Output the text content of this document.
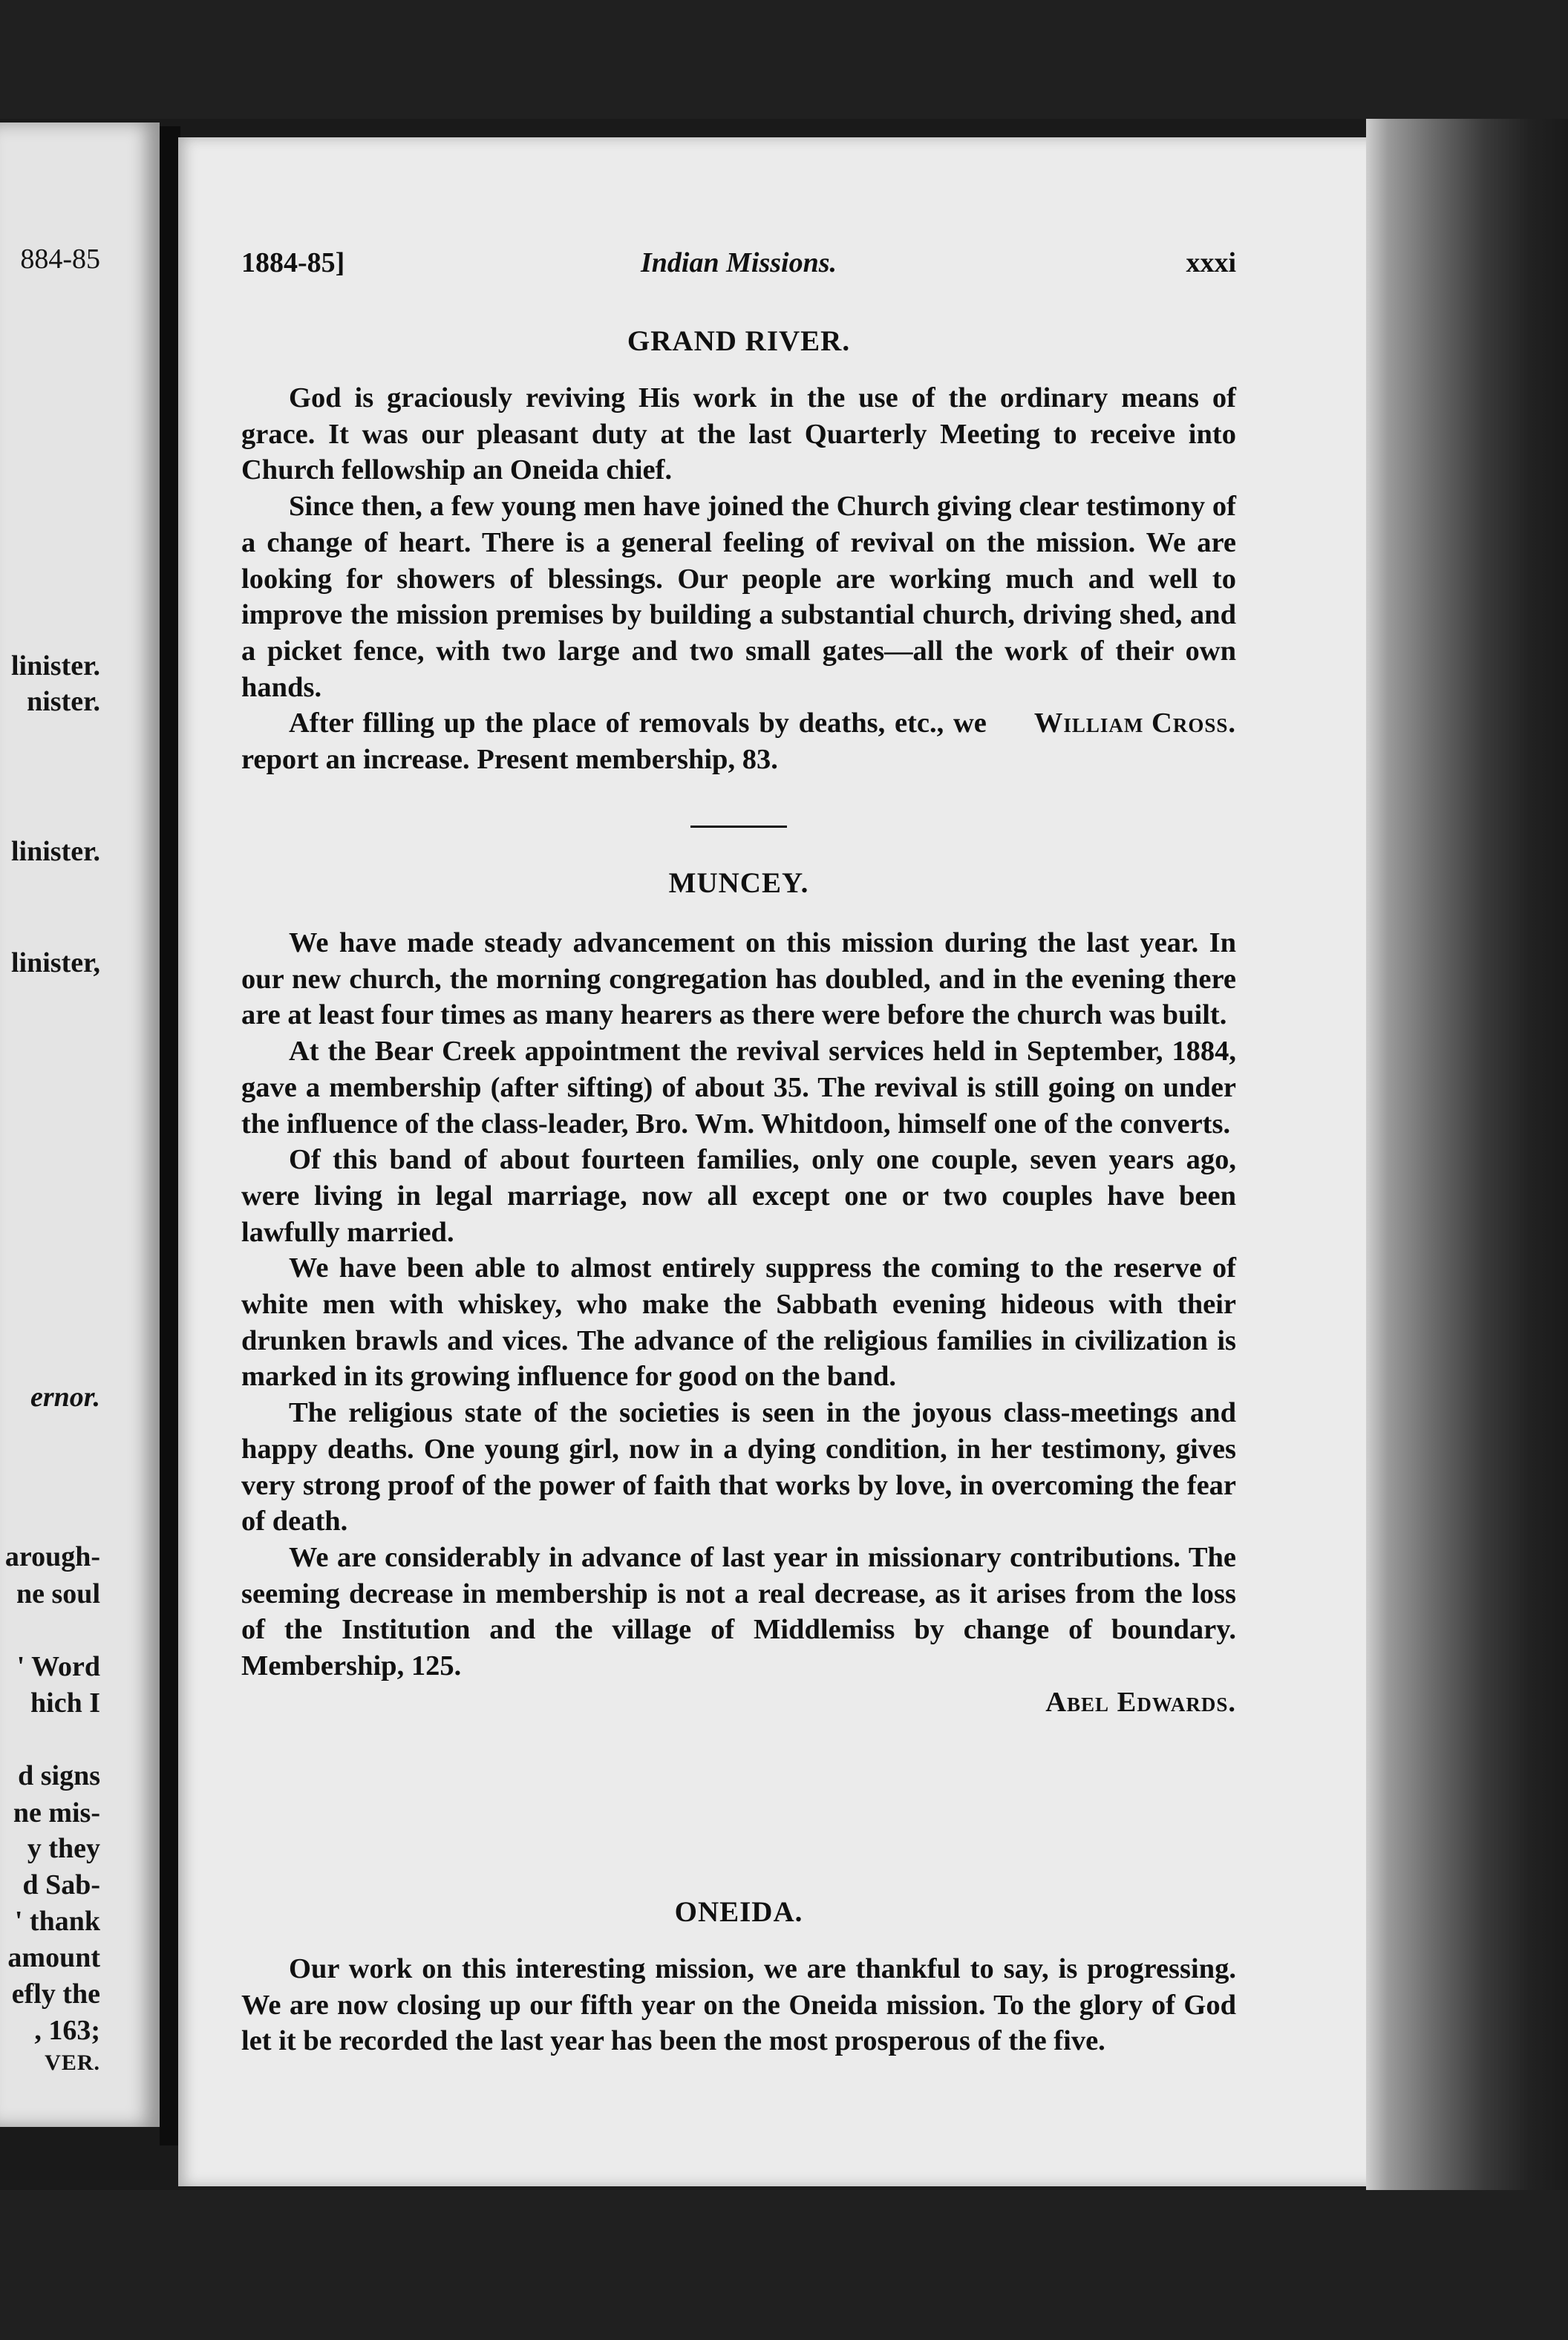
884-85
linister.
nister.
linister.
linister,
ernor.
arough-
ne soul
' Word
hich I
d signs
ne mis-
y they
d Sab-
' thank
amount
efly the
, 163;
VER.
1884-85]	Indian Missions.	xxxi
GRAND RIVER.

God is graciously reviving His work in the use of the ordinary means of grace. It was our pleasant duty at the last Quarterly Meeting to receive into Church fellowship an Oneida chief.

Since then, a few young men have joined the Church giving clear testimony of a change of heart. There is a general feeling of revival on the mission. We are looking for showers of blessings. Our people are working much and well to improve the mission premises by building a substantial church, driving shed, and a picket fence, with two large and two small gates—all the work of their own hands.

William Cross.
After filling up the place of removals by deaths, etc., we report an increase. Present membership, 83.

MUNCEY.

We have made steady advancement on this mission during the last year. In our new church, the morning congregation has doubled, and in the evening there are at least four times as many hearers as there were before the church was built.

At the Bear Creek appointment the revival services held in September, 1884, gave a membership (after sifting) of about 35. The revival is still going on under the influence of the class-leader, Bro. Wm. Whitdoon, himself one of the converts.

Of this band of about fourteen families, only one couple, seven years ago, were living in legal marriage, now all except one or two couples have been lawfully married.

We have been able to almost entirely suppress the coming to the reserve of white men with whiskey, who make the Sabbath evening hideous with their drunken brawls and vices. The advance of the religious families in civilization is marked in its growing influence for good on the band.

The religious state of the societies is seen in the joyous class-meetings and happy deaths. One young girl, now in a dying condition, in her testimony, gives very strong proof of the power of faith that works by love, in overcoming the fear of death.

We are considerably in advance of last year in missionary contributions. The seeming decrease in membership is not a real decrease, as it arises from the loss of the Institution and the village of Middlemiss by change of boundary. Membership, 125.

Abel Edwards.
ONEIDA.

Our work on this interesting mission, we are thankful to say, is progressing. We are now closing up our fifth year on the Oneida mission. To the glory of God let it be recorded the last year has been the most prosperous of the five.
